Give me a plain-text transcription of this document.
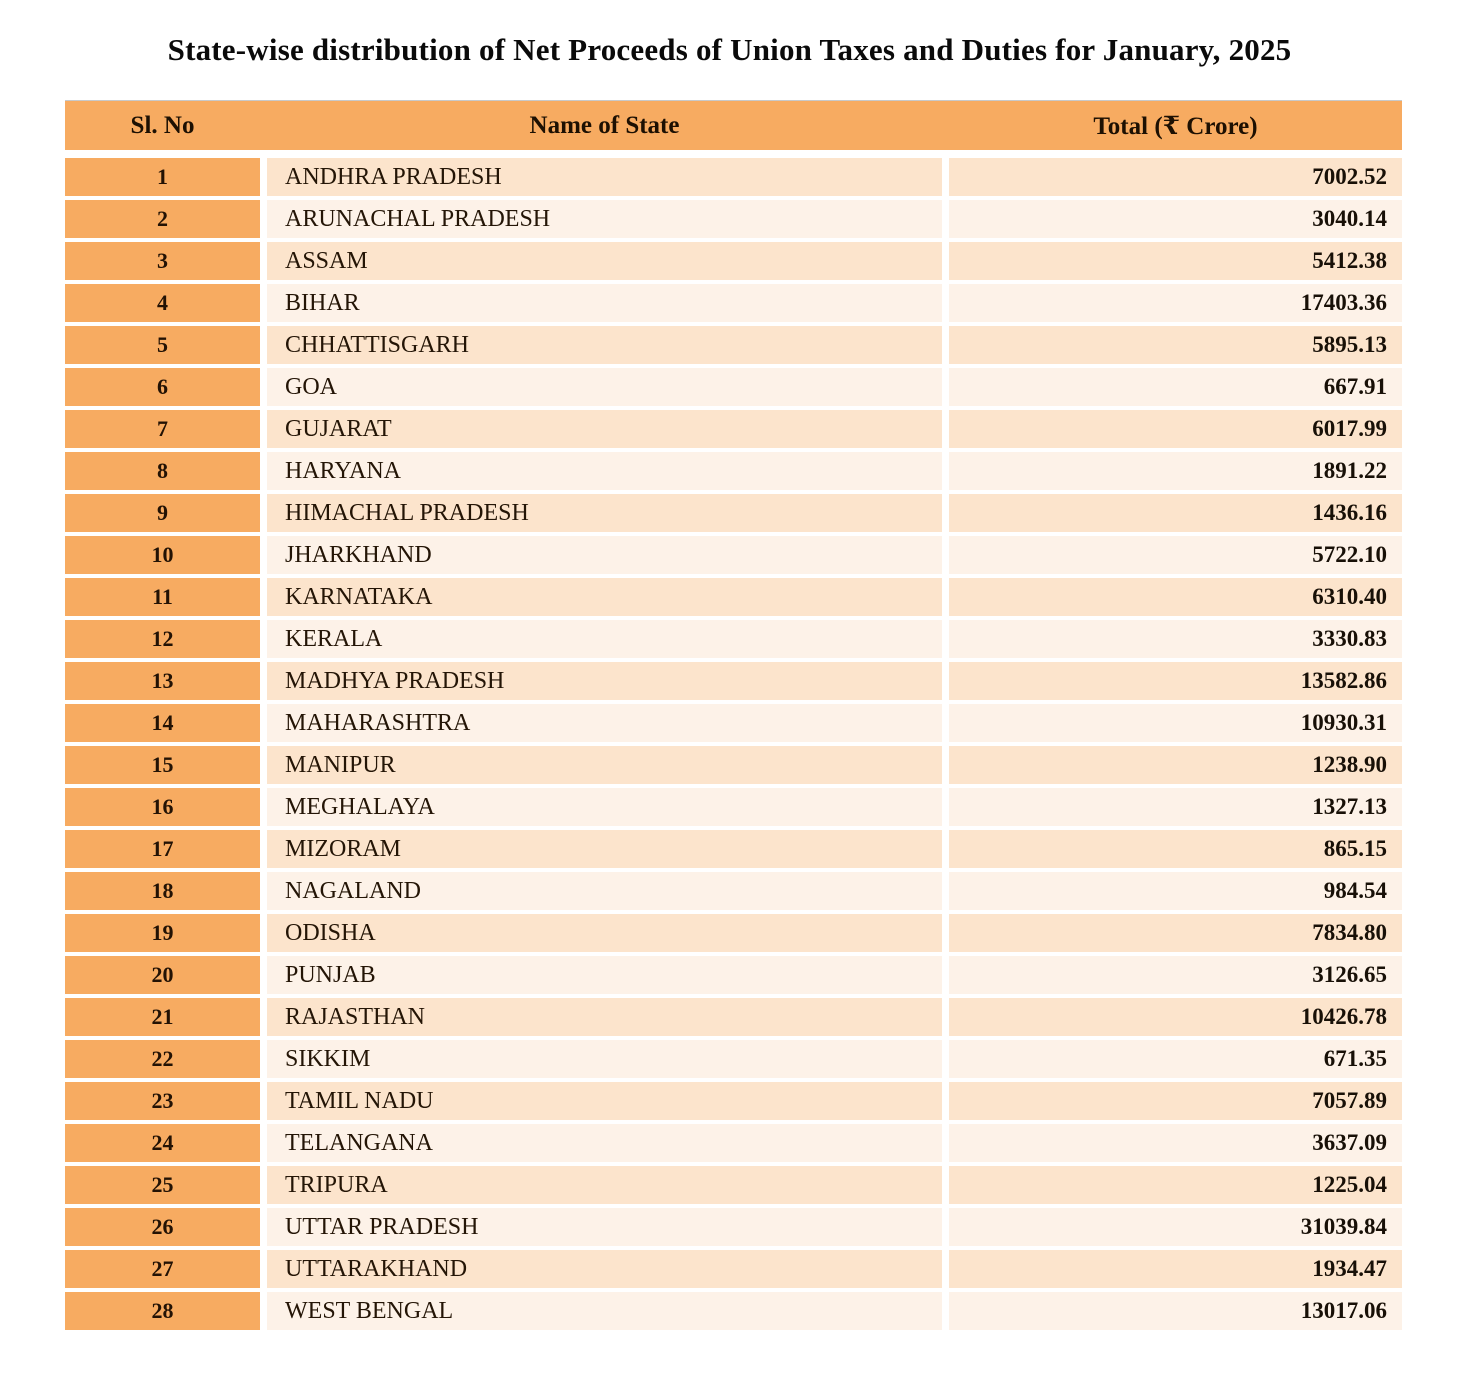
State-wise distribution of Net Proceeds of Union Taxes and Duties for January, 2025
Sl. No	Name of State	Total (₹ Crore)
1	ANDHRA PRADESH	7002.52
2	ARUNACHAL PRADESH	3040.14
3	ASSAM	5412.38
4	BIHAR	17403.36
5	CHHATTISGARH	5895.13
6	GOA	667.91
7	GUJARAT	6017.99
8	HARYANA	1891.22
9	HIMACHAL PRADESH	1436.16
10	JHARKHAND	5722.10
11	KARNATAKA	6310.40
12	KERALA	3330.83
13	MADHYA PRADESH	13582.86
14	MAHARASHTRA	10930.31
15	MANIPUR	1238.90
16	MEGHALAYA	1327.13
17	MIZORAM	865.15
18	NAGALAND	984.54
19	ODISHA	7834.80
20	PUNJAB	3126.65
21	RAJASTHAN	10426.78
22	SIKKIM	671.35
23	TAMIL NADU	7057.89
24	TELANGANA	3637.09
25	TRIPURA	1225.04
26	UTTAR PRADESH	31039.84
27	UTTARAKHAND	1934.47
28	WEST BENGAL	13017.06
